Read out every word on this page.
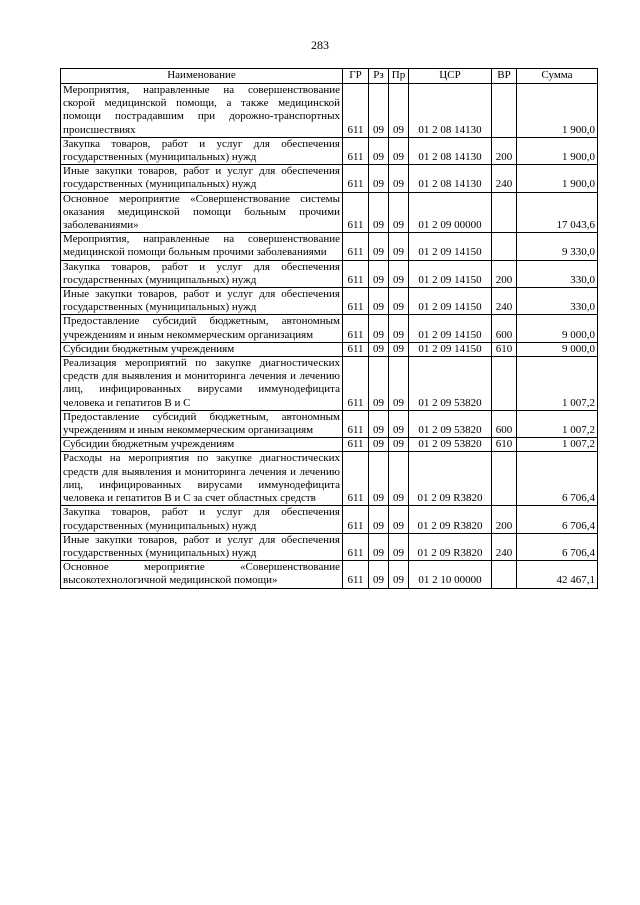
283
Наименование	ГР	Рз	Пр	ЦСР	ВР	Сумма
Мероприятия, направленные на совершенствование скорой медицинской помощи, а также медицинской помощи пострадавшим при дорожно-транспортных происшествиях	611	09	09	01 2 08 14130		1 900,0
Закупка товаров, работ и услуг для обеспечения государственных (муниципальных) нужд	611	09	09	01 2 08 14130	200	1 900,0
Иные закупки товаров, работ и услуг для обеспечения государственных (муниципальных) нужд	611	09	09	01 2 08 14130	240	1 900,0
Основное мероприятие «Совершенствование системы оказания медицинской помощи больным прочими заболеваниями»	611	09	09	01 2 09 00000		17 043,6
Мероприятия, направленные на совершенствование медицинской помощи больным прочими заболеваниями	611	09	09	01 2 09 14150		9 330,0
Закупка товаров, работ и услуг для обеспечения государственных (муниципальных) нужд	611	09	09	01 2 09 14150	200	330,0
Иные закупки товаров, работ и услуг для обеспечения государственных (муниципальных) нужд	611	09	09	01 2 09 14150	240	330,0
Предоставление субсидий бюджетным, автономным учреждениям и иным некоммерческим организациям	611	09	09	01 2 09 14150	600	9 000,0
Субсидии бюджетным учреждениям	611	09	09	01 2 09 14150	610	9 000,0
Реализация мероприятий по закупке диагностических средств для выявления и мониторинга лечения и лечению лиц, инфицированных вирусами иммунодефицита человека и гепатитов В и С	611	09	09	01 2 09 53820		1 007,2
Предоставление субсидий бюджетным, автономным учреждениям и иным некоммерческим организациям	611	09	09	01 2 09 53820	600	1 007,2
Субсидии бюджетным учреждениям	611	09	09	01 2 09 53820	610	1 007,2
Расходы на мероприятия по закупке диагностических средств для выявления и мониторинга лечения и лечению лиц, инфицированных вирусами иммунодефицита человека и гепатитов В и С за счет областных средств	611	09	09	01 2 09 R3820		6 706,4
Закупка товаров, работ и услуг для обеспечения государственных (муниципальных) нужд	611	09	09	01 2 09 R3820	200	6 706,4
Иные закупки товаров, работ и услуг для обеспечения государственных (муниципальных) нужд	611	09	09	01 2 09 R3820	240	6 706,4
Основное мероприятие «Совершенствование высокотехнологичной медицинской помощи»	611	09	09	01 2 10 00000		42 467,1
